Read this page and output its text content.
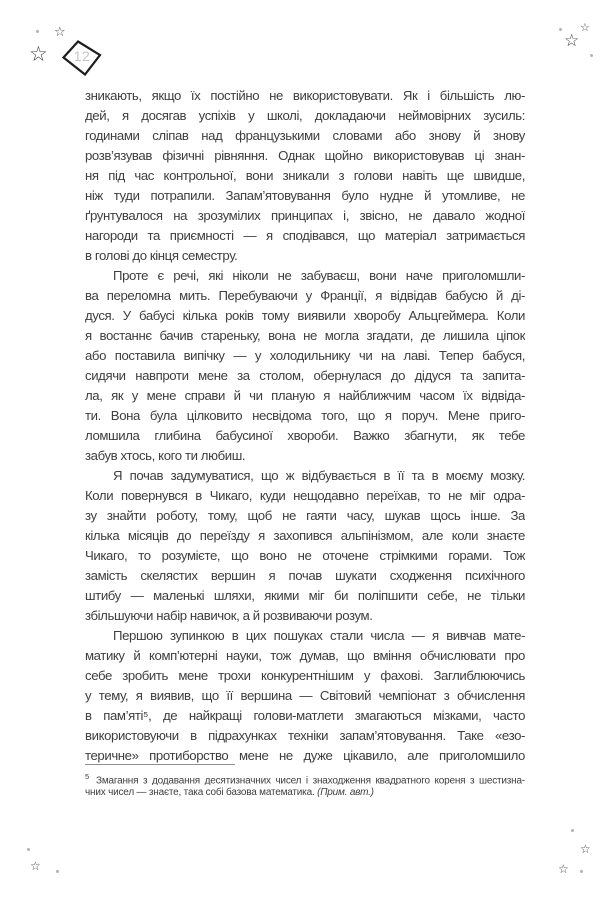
☆
☆	12
☆
☆
зникають, якщо їх постійно не використовувати. Як і більшість лю-
дей, я досягав успіхів у школі, докладаючи неймовірних зусиль:
годинами сліпав над французькими словами або знову й знову
розв’язував фізичні рівняння. Однак щойно використовував ці знан-
ня під час контрольної, вони зникали з голови навіть ще швидше,
ніж туди потрапили. Запам’ятовування було нудне й утомливе, не
ґрунтувалося на зрозумілих принципах і, звісно, не давало жодної
нагороди та приємності — я сподівався, що матеріал затримається
в голові до кінця семестру.
Проте є речі, які ніколи не забуваєш, вони наче приголомшли-
ва переломна мить. Перебуваючи у Франції, я відвідав бабусю й ді-
дуся. У бабусі кілька років тому виявили хворобу Альцгеймера. Коли
я востаннє бачив стареньку, вона не могла згадати, де лишила ціпок
або поставила випічку — у холодильнику чи на лаві. Тепер бабуся,
сидячи навпроти мене за столом, обернулася до дідуся та запита-
ла, як у мене справи й чи планую я найближчим часом їх відвіда-
ти. Вона була цілковито несвідома того, що я поруч. Мене приго-
ломшила глибина бабусиної хвороби. Важко збагнути, як тебе
забув хтось, кого ти любиш.
Я почав задумуватися, що ж відбувається в її та в моєму мозку.
Коли повернувся в Чикаго, куди нещодавно переїхав, то не міг одра-
зу знайти роботу, тому, щоб не гаяти часу, шукав щось інше. За
кілька місяців до переїзду я захопився альпінізмом, але коли знаєте
Чикаго, то розумієте, що воно не оточене стрімкими горами. Тож
замість скелястих вершин я почав шукати сходження психічного
штибу — маленькі шляхи, якими міг би поліпшити себе, не тільки
збільшуючи набір навичок, а й розвиваючи розум.
Першою зупинкою в цих пошуках стали числа — я вивчав мате-
матику й комп’ютерні науки, тож думав, що вміння обчислювати про
себе зробить мене трохи конкурентнішим у фахові. Заглиблюючись
у тему, я виявив, що її вершина — Світовий чемпіонат з обчислення
в пам’яті⁵, де найкращі голови-матлети змагаються мізками, часто
використовуючи в підрахунках техніки запам’ятовування. Таке «езо-
теричне» протиборство мене не дуже цікавило, але приголомшило
$^5$ Змагання з додавання десятизначних чисел і знаходження квадратного кореня з шестизна-
чних чисел — знаєте, така собі базова математика. (Прим. авт.)
☆
☆
☆
